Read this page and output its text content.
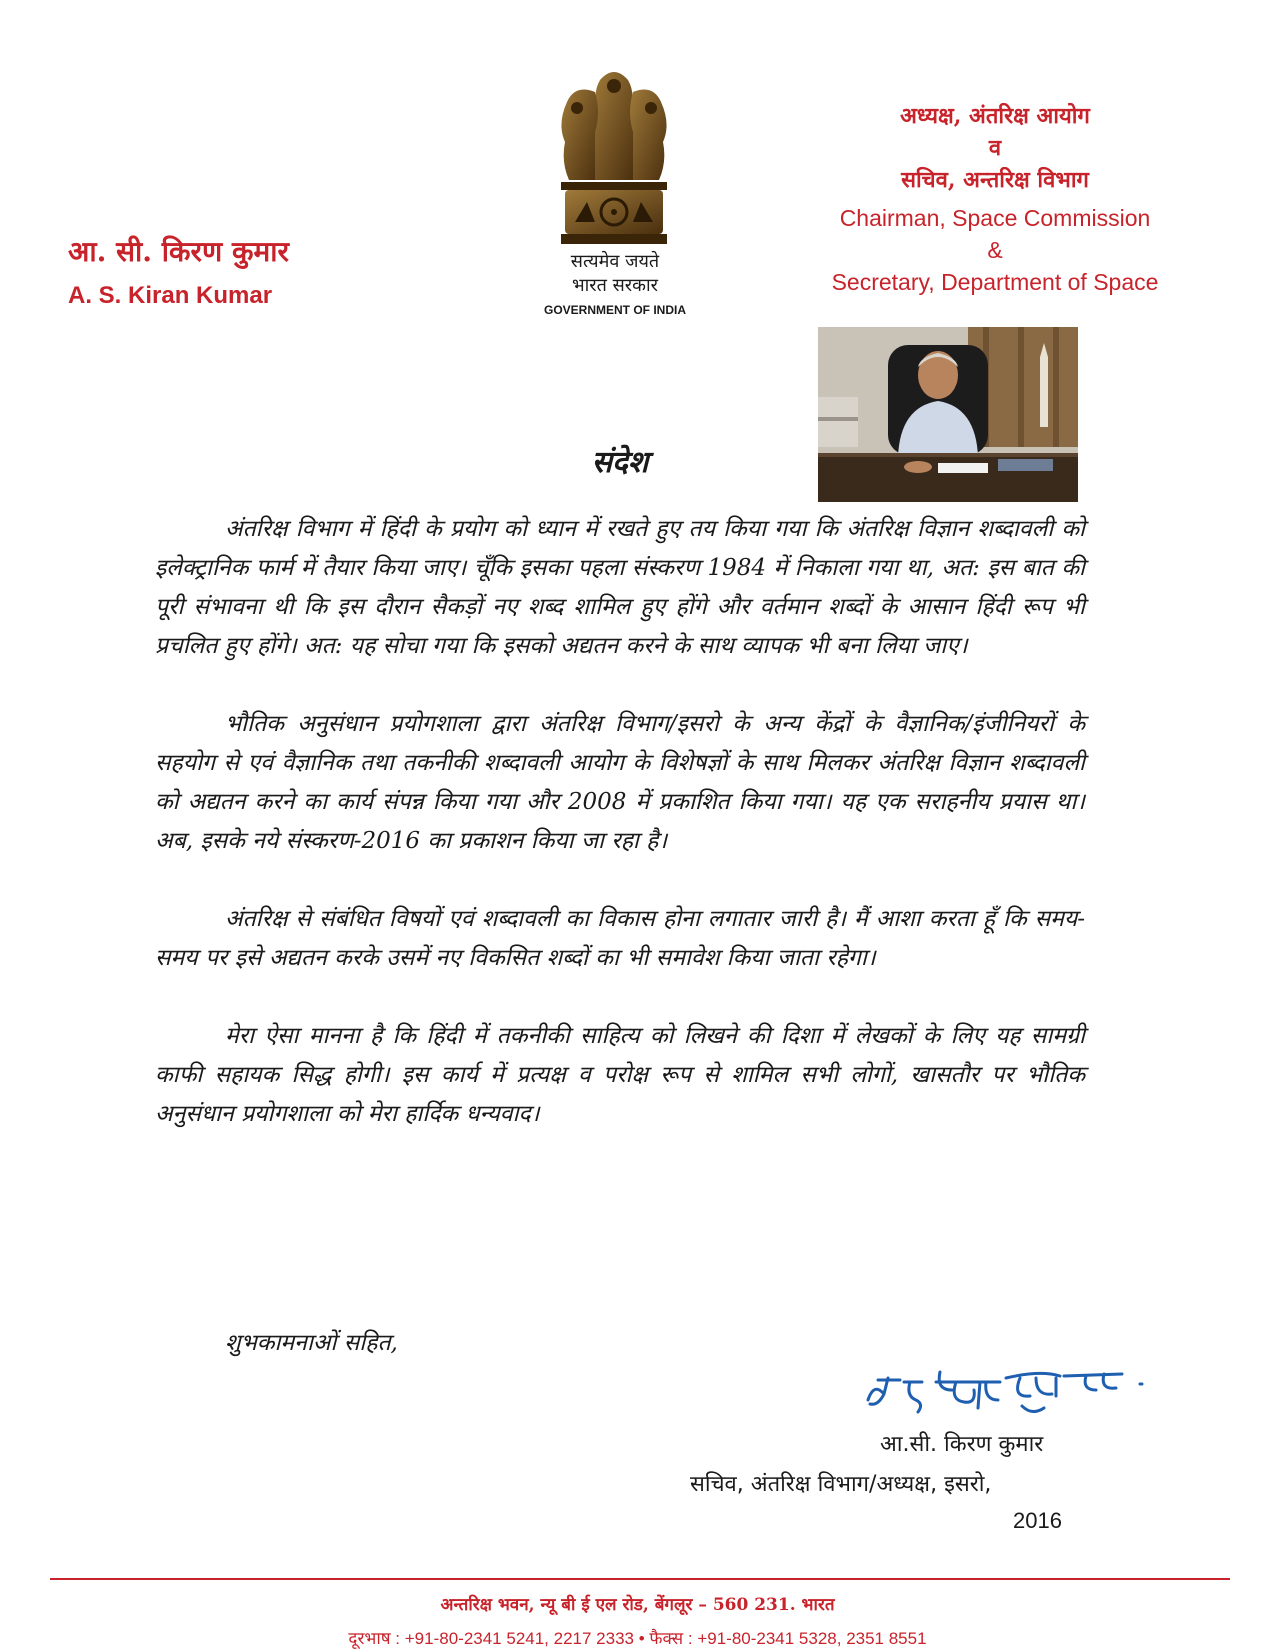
आ. सी. किरण कुमार
A. S. Kiran Kumar
सत्यमेव जयते
भारत सरकार
GOVERNMENT OF INDIA
अध्यक्ष, अंतरिक्ष आयोग
व
सचिव, अन्तरिक्ष विभाग
Chairman, Space Commission
&
Secretary, Department of Space
संदेश

अंतरिक्ष विभाग में हिंदी के प्रयोग को ध्यान में रखते हुए तय किया गया कि अंतरिक्ष विज्ञान शब्दावली को इलेक्ट्रानिक फार्म में तैयार किया जाए। चूँकि इसका पहला संस्करण 1984 में निकाला गया था, अत: इस बात की पूरी संभावना थी कि इस दौरान सैकड़ों नए शब्द शामिल हुए होंगे और वर्तमान शब्दों के आसान हिंदी रूप भी प्रचलित हुए होंगे। अत: यह सोचा गया कि इसको अद्यतन करने के साथ व्यापक भी बना लिया जाए।

भौतिक अनुसंधान प्रयोगशाला द्वारा अंतरिक्ष विभाग/इसरो के अन्य केंद्रों के वैज्ञानिक/इंजीनियरों के सहयोग से एवं वैज्ञानिक तथा तकनीकी शब्दावली आयोग के विशेषज्ञों के साथ मिलकर अंतरिक्ष विज्ञान शब्दावली को अद्यतन करने का कार्य संपन्न किया गया और 2008 में प्रकाशित किया गया। यह एक सराहनीय प्रयास था। अब, इसके नये संस्करण-2016 का प्रकाशन किया जा रहा है।

अंतरिक्ष से संबंधित विषयों एवं शब्दावली का विकास होना लगातार जारी है। मैं आशा करता हूँ कि समय-समय पर इसे अद्यतन करके उसमें नए विकसित शब्दों का भी समावेश किया जाता रहेगा।

मेरा ऐसा मानना है कि हिंदी में तकनीकी साहित्य को लिखने की दिशा में लेखकों के लिए यह सामग्री काफी सहायक सिद्ध होगी। इस कार्य में प्रत्यक्ष व परोक्ष रूप से शामिल सभी लोगों, खासतौर पर भौतिक अनुसंधान प्रयोगशाला को मेरा हार्दिक धन्यवाद।

शुभकामनाओं सहित,
आ.सी. किरण कुमार
सचिव, अंतरिक्ष विभाग/अध्यक्ष, इसरो,
2016
अन्तरिक्ष भवन, न्यू बी ई एल रोड, बेंगलूर – 560 231. भारत
दूरभाष : +91-80-2341 5241, 2217 2333 • फैक्स : +91-80-2341 5328, 2351 8551
